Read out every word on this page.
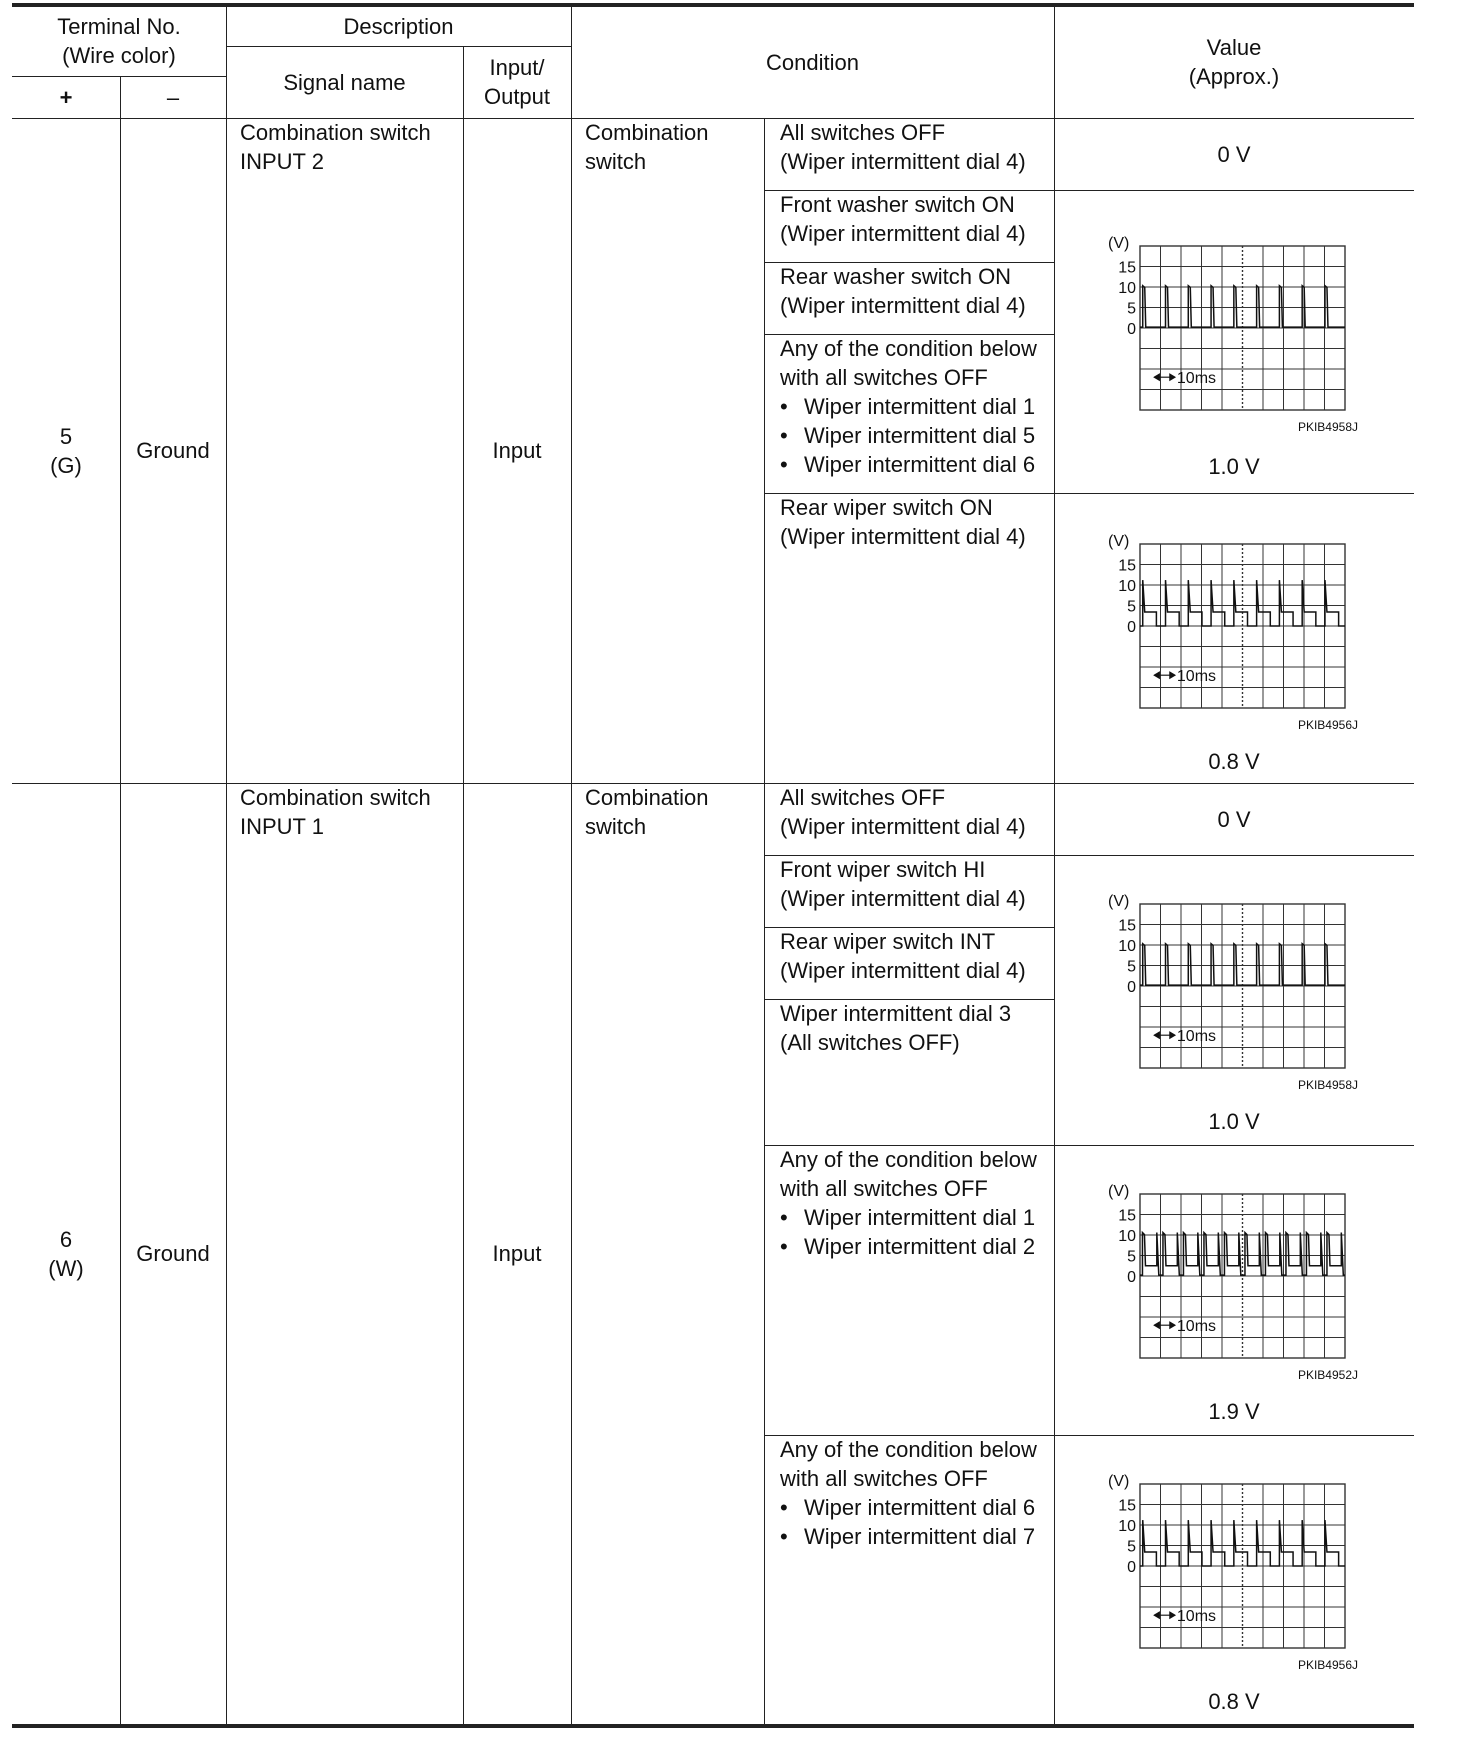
Terminal No.
(Wire color)
+	–
Description
Signal name
Input/
Output
Condition
Value
(Approx.)
5
(G)
Ground
Combination switch
INPUT 2
Input
Combination
switch
All switches OFF
(Wiper intermittent dial 4)
Front washer switch ON
(Wiper intermittent dial 4)
Rear washer switch ON
(Wiper intermittent dial 4)
Any of the condition below
with all switches OFF
• Wiper intermittent dial 1
• Wiper intermittent dial 5
• Wiper intermittent dial 6
Rear wiper switch ON
(Wiper intermittent dial 4)
0 V
(V)
15
10
5
0
10ms
PKIB4958J
1.0 V
(V)
15
10
5
0
10ms
PKIB4956J
0.8 V
6
(W)
Ground
Combination switch
INPUT 1
Input
Combination
switch
All switches OFF
(Wiper intermittent dial 4)
Front wiper switch HI
(Wiper intermittent dial 4)
Rear wiper switch INT
(Wiper intermittent dial 4)
Wiper intermittent dial 3
(All switches OFF)
Any of the condition below
with all switches OFF
• Wiper intermittent dial 1
• Wiper intermittent dial 2
Any of the condition below
with all switches OFF
• Wiper intermittent dial 6
• Wiper intermittent dial 7
0 V
(V)
15
10
5
0
10ms
PKIB4958J
1.0 V
(V)
15
10
5
0
10ms
PKIB4952J
1.9 V
(V)
15
10
5
0
10ms
PKIB4956J
0.8 V
